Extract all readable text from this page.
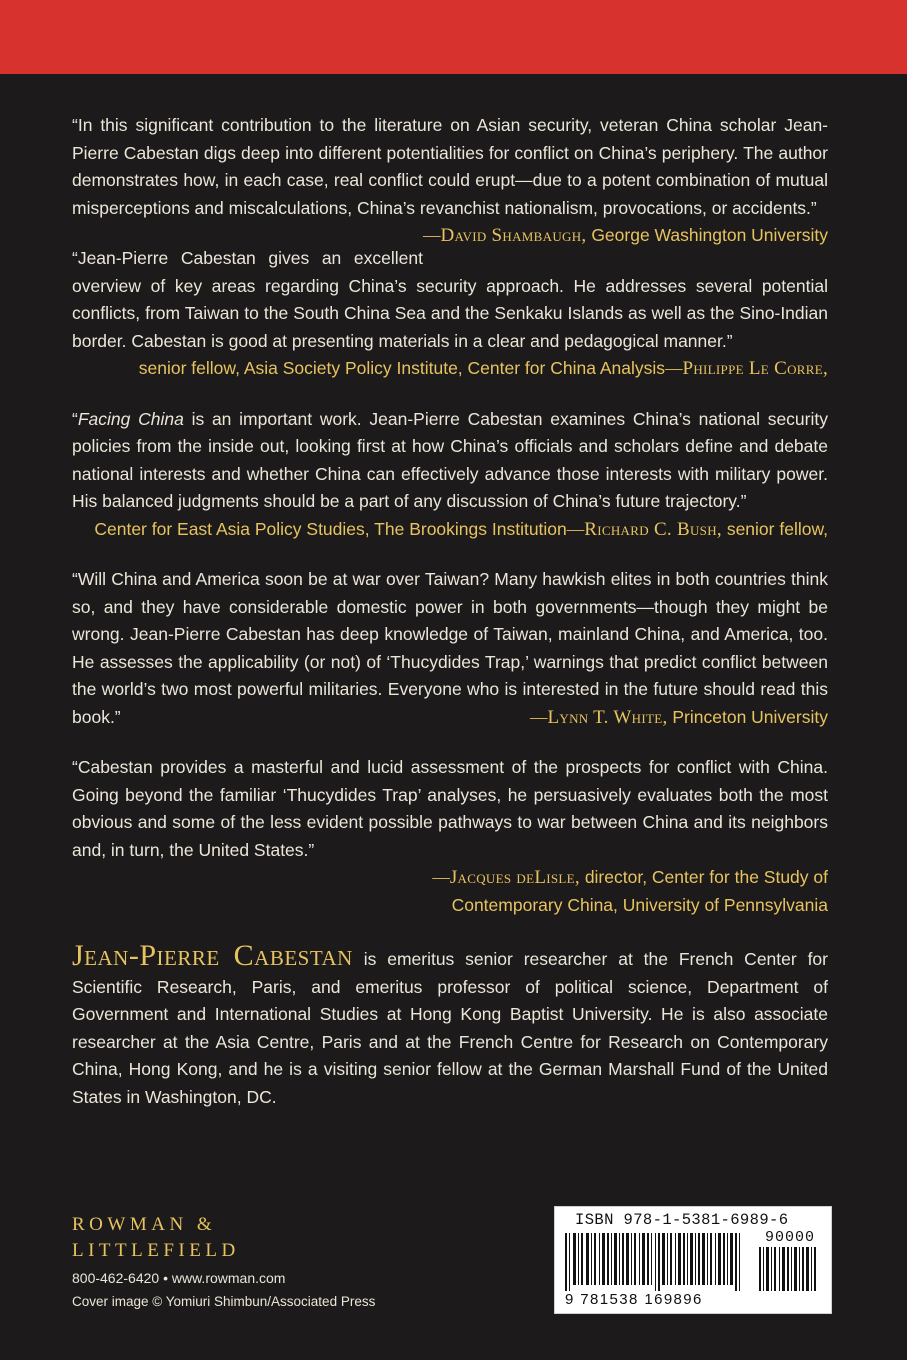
“In this significant contribution to the literature on Asian security, veteran China scholar Jean-Pierre Cabestan digs deep into different potentialities for conflict on China’s periphery. The author demonstrates how, in each case, real conflict could erupt—due to a potent combination of mutual misperceptions and miscalculations, China’s revanchist nationalism, provocations, or accidents.”
—David Shambaugh, George Washington University

“Jean-Pierre Cabestan gives an excellent overview of key areas regarding China’s security approach. He addresses several potential conflicts, from Taiwan to the South China Sea and the Senkaku Islands as well as the Sino-Indian border. Cabestan is good at presenting materials in a clear and pedagogical manner.”
—Philippe Le Corre,
senior fellow, Asia Society Policy Institute, Center for China Analysis

“Facing China is an important work. Jean-Pierre Cabestan examines China’s national security policies from the inside out, looking first at how China’s officials and scholars define and debate national interests and whether China can effectively advance those interests with military power. His balanced judgments should be a part of any discussion of China’s future trajectory.”
—Richard C. Bush, senior fellow,
Center for East Asia Policy Studies, The Brookings Institution

“Will China and America soon be at war over Taiwan? Many hawkish elites in both countries think so, and they have considerable domestic power in both governments—though they might be wrong. Jean-Pierre Cabestan has deep knowledge of Taiwan, mainland China, and America, too. He assesses the applicability (or not) of ‘Thucydides Trap,’ warnings that predict conflict between the world’s two most powerful militaries. Everyone who is interested in the future should read this book.”	—Lynn T. White, Princeton University

“Cabestan provides a masterful and lucid assessment of the prospects for conflict with China. Going beyond the familiar ‘Thucydides Trap’ analyses, he persuasively evaluates both the most obvious and some of the less evident possible pathways to war between China and its neighbors and, in turn, the United States.”
—Jacques deLisle, director, Center for the Study of
Contemporary China, University of Pennsylvania

Jean-Pierre Cabestan is emeritus senior researcher at the French Center for Scientific Research, Paris, and emeritus professor of political science, Department of Government and International Studies at Hong Kong Baptist University. He is also associate researcher at the Asia Centre, Paris and at the French Centre for Research on Contemporary China, Hong Kong, and he is a visiting senior fellow at the German Marshall Fund of the United States in Washington, DC.

ROWMAN &
LITTLEFIELD
800-462-6420 • www.rowman.com
Cover image © Yomiuri Shimbun/Associated Press
ISBN 978-1-5381-6989-6
90000
9 781538 169896
